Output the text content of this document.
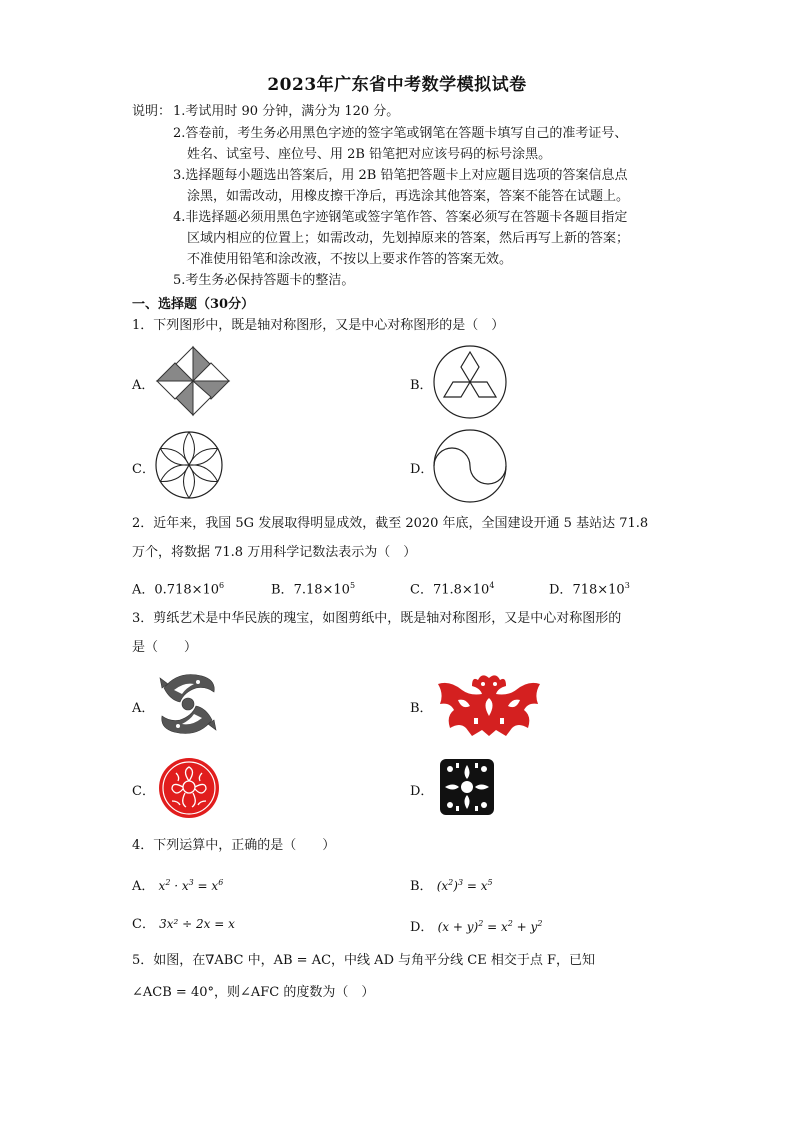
2023年广东省中考数学模拟试卷
说明： 1.考试用时 90 分钟，满分为 120 分。
2.答卷前，考生务必用黑色字迹的签字笔或钢笔在答题卡填写自己的准考证号、
姓名、试室号、座位号、用 2B 铅笔把对应该号码的标号涂黑。
3.选择题每小题选出答案后，用 2B 铅笔把答题卡上对应题目选项的答案信息点
涂黑，如需改动，用橡皮擦干净后，再选涂其他答案，答案不能答在试题上。
4.非选择题必须用黑色字迹钢笔或签字笔作答、答案必须写在答题卡各题目指定
区域内相应的位置上；如需改动，先划掉原来的答案，然后再写上新的答案；
不准使用铅笔和涂改液，不按以上要求作答的答案无效。
5.考生务必保持答题卡的整洁。
一、选择题（30分）
1．下列图形中，既是轴对称图形，又是中心对称图形的是（　）
A．	B．
C．	D．
2．近年来，我国 5G 发展取得明显成效，截至 2020 年底，全国建设开通 5 基站达 71.8
万个，将数据 71.8 万用科学记数法表示为（　）
A．$0.718\times 10^6$	B．$7.18\times 10^5$	C．$71.8\times 10^4$	D．$718\times 10^3$
3．剪纸艺术是中华民族的瑰宝，如图剪纸中，既是轴对称图形，又是中心对称图形的
是（　　）
A．	B．
C．	D．
4．下列运算中，正确的是（　　）
A． $x^2 \cdot x^3 = x^6$	B． $(x^2)^3 = x^5$
C． 3x² ÷ 2x = x	D． $(x + y)^2 = x^2 + y^2$
5．如图，在∇ABC 中，AB = AC，中线 AD 与角平分线 CE 相交于点 F，已知
∠ACB = 40°，则∠AFC 的度数为（　）
